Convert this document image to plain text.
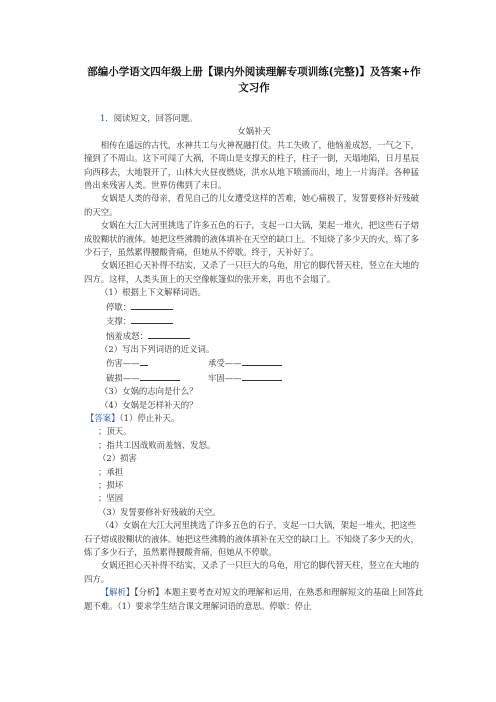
部编小学语文四年级上册【课内外阅读理解专项训练(完整)】及答案+作
文习作

1．阅读短文，回答问题。

女娲补天

相传在遥远的古代，水神共工与火神祝融打仗。共工失败了，他恼羞成怒，一气之下，撞到了不周山。这下可闯了大祸，不周山是支撑天的柱子，柱子一倒，天塌地陷，日月星辰向西移去，大地裂开了，山林大火昼夜燃烧，洪水从地下喷涌而出，地上一片海洋。各种猛兽出来残害人类。世界仿佛到了末日。

女娲是人类的母亲，看见自己的儿女遭受这样的苦难，她心痛极了，发誓要修补好残破的天空。

女娲在大江大河里挑选了许多五色的石子，支起一口大锅，架起一堆火，把这些石子熔成胶糊状的液体。她把这些沸腾的液体填补在天空的缺口上。不知烧了多少天的火，炼了多少石子，虽然累得腰酸背痛，但她从不停歇。终于，天补好了。

女娲还担心天补得不结实，又杀了一只巨大的乌龟，用它的脚代替天柱，竖立在大地的四方。这样，人类头顶上的天空像帐篷似的张开来，再也不会塌了。

（1）根据上下文解释词语。

停歇：

支撑：

恼羞成怒：

（2）写出下列词语的近义词。

伤害——	承受——
破损——	牢固——

（3）女娲的志向是什么？

（4）女娲是怎样补天的？

【答案】（1）停止补天。

；顶天。

；指共工因战败而羞恼、发怒。

（2）损害

；承担

；损坏

；坚固

（3）发誓要修补好残破的天空。

（4）女娲在大江大河里挑选了许多五色的石子，支起一口大锅，架起一堆火，把这些石子熔成胶糊状的液体。她把这些沸腾的液体填补在天空的缺口上。不知烧了多少天的火，炼了多少石子，虽然累得腰酸背痛，但她从不停歇。

女娲还担心天补得不结实，又杀了一只巨大的乌龟，用它的脚代替天柱，竖立在大地的四方。

【解析】【分析】本题主要考查对短文的理解和运用，在熟悉和理解短文的基础上回答此题不难。（1）要求学生结合课文理解词语的意思。停歇：停止
